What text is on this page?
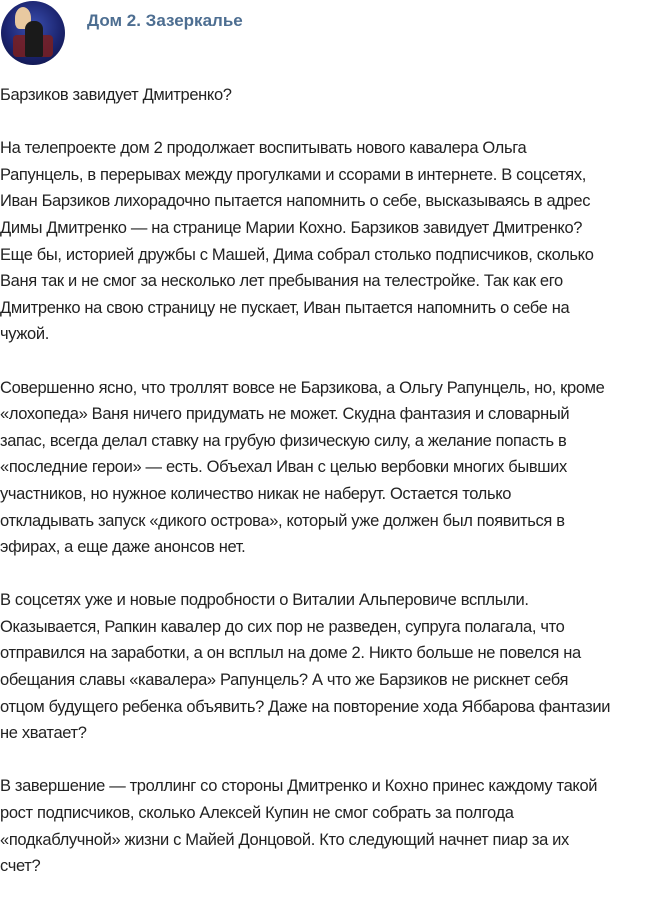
Дом 2. Зазеркалье

Барзиков завидует Дмитренко?

На телепроекте дом 2 продолжает воспитывать нового кавалера Ольга
Рапунцель, в перерывах между прогулками и ссорами в интернете. В соцсетях,
Иван Барзиков лихорадочно пытается напомнить о себе, высказываясь в адрес
Димы Дмитренко — на странице Марии Кохно. Барзиков завидует Дмитренко?
Еще бы, историей дружбы с Машей, Дима собрал столько подписчиков, сколько
Ваня так и не смог за несколько лет пребывания на телестройке. Так как его
Дмитренко на свою страницу не пускает, Иван пытается напомнить о себе на
чужой.

Совершенно ясно, что троллят вовсе не Барзикова, а Ольгу Рапунцель, но, кроме
«лохопеда» Ваня ничего придумать не может. Скудна фантазия и словарный
запас, всегда делал ставку на грубую физическую силу, а желание попасть в
«последние герои» — есть. Объехал Иван с целью вербовки многих бывших
участников, но нужное количество никак не наберут. Остается только
откладывать запуск «дикого острова», который уже должен был появиться в
эфирах, а еще даже анонсов нет.

В соцсетях уже и новые подробности о Виталии Альперовиче всплыли.
Оказывается, Рапкин кавалер до сих пор не разведен, супруга полагала, что
отправился на заработки, а он всплыл на доме 2. Никто больше не повелся на
обещания славы «кавалера» Рапунцель? А что же Барзиков не рискнет себя
отцом будущего ребенка объявить? Даже на повторение хода Яббарова фантазии
не хватает?

В завершение — троллинг со стороны Дмитренко и Кохно принес каждому такой
рост подписчиков, сколько Алексей Купин не смог собрать за полгода
«подкаблучной» жизни с Майей Донцовой. Кто следующий начнет пиар за их
счет?
